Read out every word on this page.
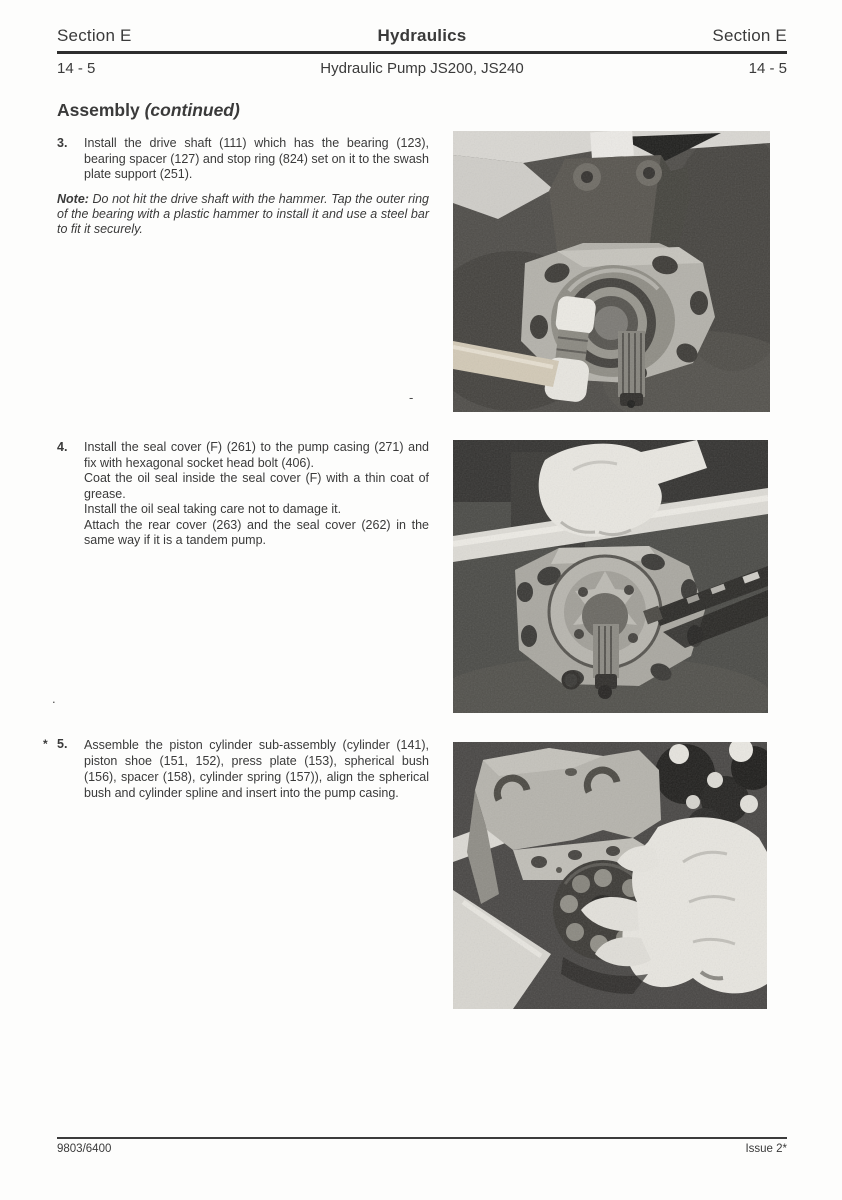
Section E	Hydraulics	Section E
14 - 5	Hydraulic Pump JS200, JS240	14 - 5
Assembly (continued)
3.	Install the drive shaft (111) which has the bearing (123), bearing spacer (127) and stop ring (824) set on it to the swash plate support (251).

Note: Do not hit the drive shaft with the hammer. Tap the outer ring of the bearing with a plastic hammer to install it and use a steel bar to fit it securely.

4.	Install the seal cover (F) (261) to the pump casing (271) and fix with hexagonal socket head bolt (406).

Coat the oil seal inside the seal cover (F) with a thin coat of grease.

Install the oil seal taking care not to damage it.

Attach the rear cover (263) and the seal cover (262) in the same way if it is a tandem pump.

* 5.	Assemble the piston cylinder sub-assembly (cylinder (141), piston shoe (151, 152), press plate (153), spherical bush (156), spacer (158), cylinder spring (157)), align the spherical bush and cylinder spline and insert into the pump casing.

-
.
9803/6400	Issue 2*
